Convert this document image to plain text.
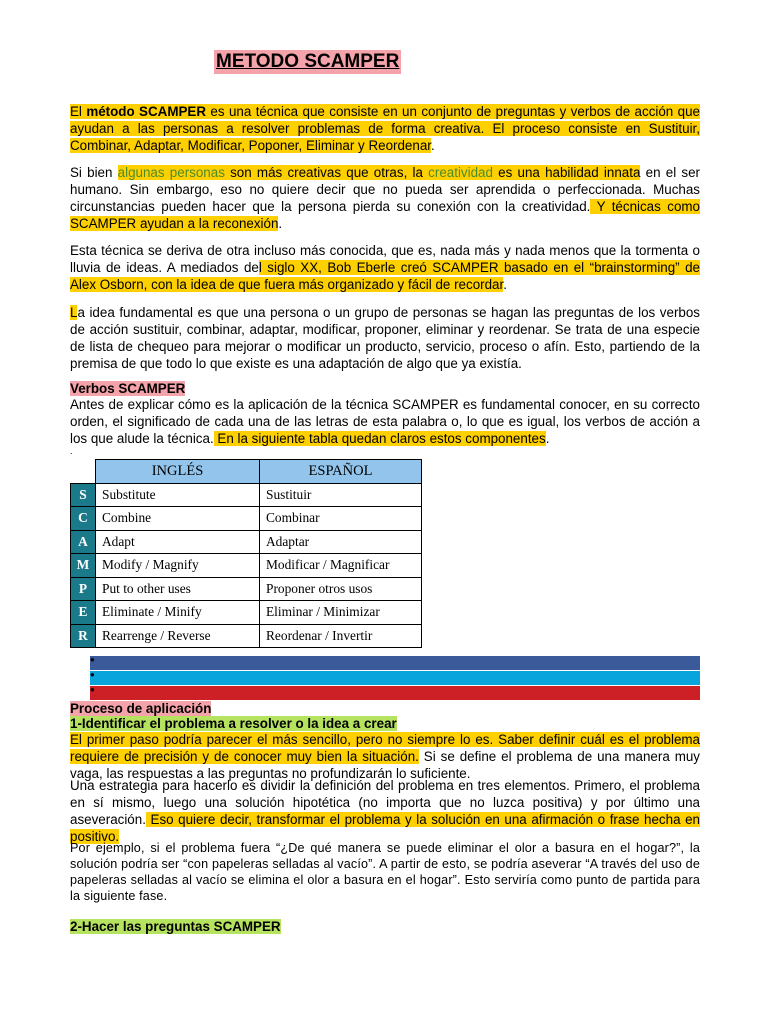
METODO SCAMPER

El método SCAMPER es una técnica que consiste en un conjunto de preguntas y verbos de acción que ayudan a las personas a resolver problemas de forma creativa. El proceso consiste en Sustituir, Combinar, Adaptar, Modificar, Poponer, Eliminar y Reordenar.

Si bien algunas personas son más creativas que otras, la creatividad es una habilidad innata en el ser humano. Sin embargo, eso no quiere decir que no pueda ser aprendida o perfeccionada. Muchas circunstancias pueden hacer que la persona pierda su conexión con la creatividad. Y técnicas como SCAMPER ayudan a la reconexión.

Esta técnica se deriva de otra incluso más conocida, que es, nada más y nada menos que la tormenta o lluvia de ideas. A mediados del siglo XX, Bob Eberle creó SCAMPER basado en el “brainstorming” de Alex Osborn, con la idea de que fuera más organizado y fácil de recordar.

La idea fundamental es que una persona o un grupo de personas se hagan las preguntas de los verbos de acción sustituir, combinar, adaptar, modificar, proponer, eliminar y reordenar. Se trata de una especie de lista de chequeo para mejorar o modificar un producto, servicio, proceso o afín. Esto, partiendo de la premisa de que todo lo que existe es una adaptación de algo que ya existía.

Verbos SCAMPER

Antes de explicar cómo es la aplicación de la técnica SCAMPER es fundamental conocer, en su correcto orden, el significado de cada una de las letras de esta palabra o, lo que es igual, los verbos de acción a los que alude la técnica. En la siguiente tabla quedan claros estos componentes.

.
	INGLÉS	ESPAÑOL
S	Substitute	Sustituir
C	Combine	Combinar
A	Adapt	Adaptar
M	Modify / Magnify	Modificar / Magnificar
P	Put to other uses	Proponer otros usos
E	Eliminate / Minify	Eliminar / Minimizar
R	Rearrenge / Reverse	Reordenar / Invertir
•
•
•

Proceso de aplicación

1-Identificar el problema a resolver o la idea a crear

El primer paso podría parecer el más sencillo, pero no siempre lo es. Saber definir cuál es el problema requiere de precisión y de conocer muy bien la situación. Si se define el problema de una manera muy vaga, las respuestas a las preguntas no profundizarán lo suficiente.

Una estrategia para hacerlo es dividir la definición del problema en tres elementos. Primero, el problema en sí mismo, luego una solución hipotética (no importa que no luzca positiva) y por último una aseveración. Eso quiere decir, transformar el problema y la solución en una afirmación o frase hecha en positivo.

Por ejemplo, si el problema fuera “¿De qué manera se puede eliminar el olor a basura en el hogar?”, la solución podría ser “con papeleras selladas al vacío”. A partir de esto, se podría aseverar “A través del uso de papeleras selladas al vacío se elimina el olor a basura en el hogar”. Esto serviría como punto de partida para la siguiente fase.

2-Hacer las preguntas SCAMPER
